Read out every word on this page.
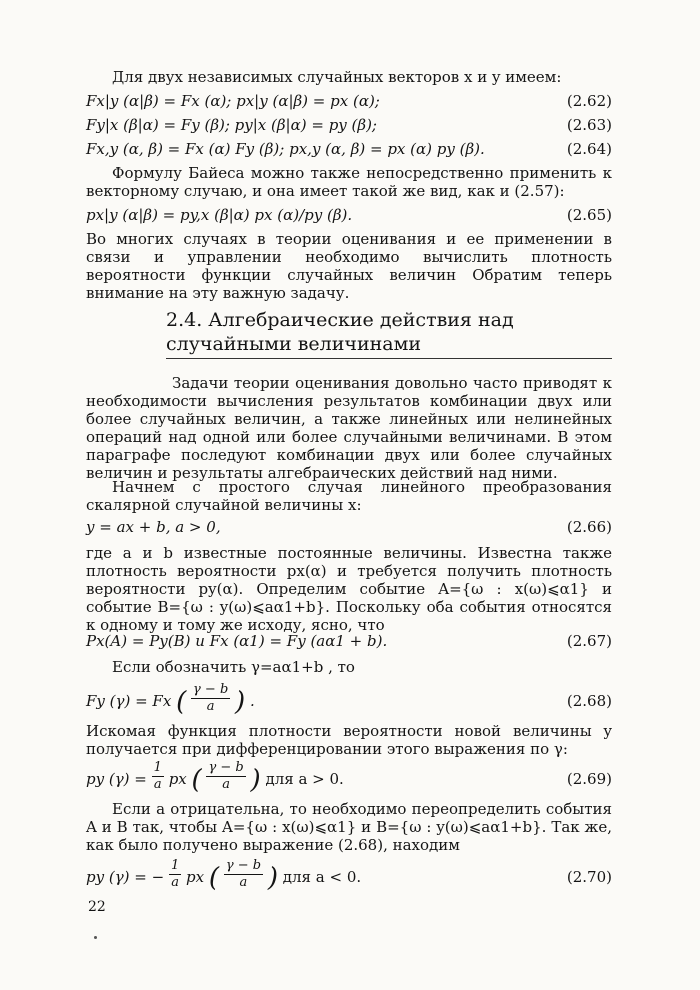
Для двух независимых случайных векторов x и y имеем:

Fx|y (α|β) = Fx (α); px|y (α|β) = px (α);	(2.62)
Fy|x (β|α) = Fy (β); py|x (β|α) = py (β);	(2.63)
Fx,y (α, β) = Fx (α) Fy (β); px,y (α, β) = px (α) py (β).	(2.64)

Формулу Байеса можно также непосредственно применить к векторному случаю, и она имеет такой же вид, как и (2.57):

px|y (α|β) = py,x (β|α) px (α)/py (β).	(2.65)

Во многих случаях в теории оценивания и ее применении в связи и управлении необходимо вычислить плотность вероятности функции случайных величин Обратим теперь внимание на эту важную задачу.

2.4. Алгебраические действия над случайными величинами

Задачи теории оценивания довольно часто приводят к необходимости вычисления результатов комбинации двух или более случайных величин, а также линейных или нелинейных операций над одной или более случайными величинами. В этом параграфе последуют комбинации двух или более случайных величин и результаты алгебраических действий над ними.

Начнем с простого случая линейного преобразования скалярной случайной величины x:

y = ax + b, a > 0,	(2.66)

где a и b известные постоянные величины. Известна также плотность вероятности px(α) и требуется получить плотность вероятности py(α). Определим событие A={ω : x(ω)⩽α1} и событие B={ω : y(ω)⩽aα1+b}. Поскольку оба события относятся к одному и тому же исходу, ясно, что

Px(A) = Py(B) и Fx (α1) = Fy (aα1 + b).	(2.67)

Если обозначить γ=aα1+b , то

Fy (γ) = Fx ( $\frac{\gamma - b}{a}$ ) .	(2.68)

Искомая функция плотности вероятности новой величины y получается при дифференцировании этого выражения по γ:

py $(\gamma) = \frac{1}{a}$ px ( $\frac{\gamma - b}{a}$ ) для a > 0.	(2.69)

Если a отрицательна, то необходимо переопределить события A и B так, чтобы A={ω : x(ω)⩽α1} и B={ω : y(ω)⩽aα1+b}. Так же, как было получено выражение (2.68), находим

py (γ) = − $\frac{1}{a}$ px ( $\frac{\gamma - b}{a}$ ) для a < 0.	(2.70)
22
